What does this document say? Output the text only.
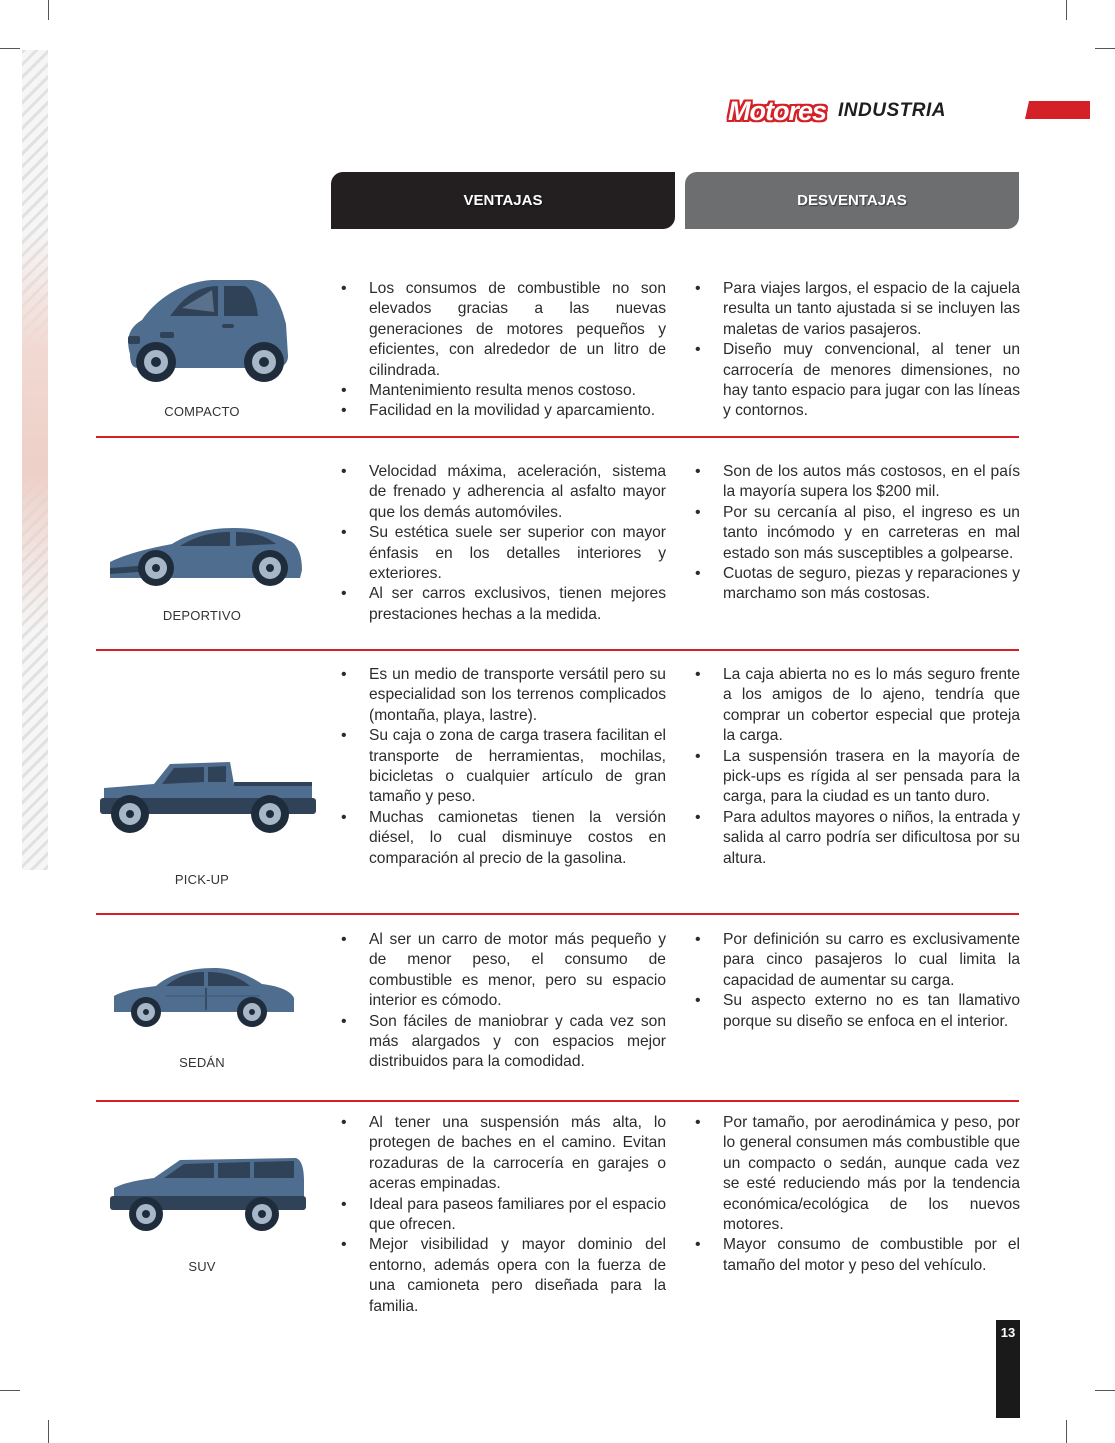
Motores INDUSTRIA
VENTAJAS	DESVENTAJAS
COMPACTO
• Los consumos de combustible no son elevados gracias a las nuevas generaciones de motores pequeños y eficientes, con alrededor de un litro de cilindrada.
• Mantenimiento resulta menos costoso.
• Facilidad en la movilidad y aparcamiento.
• Para viajes largos, el espacio de la cajuela resulta un tanto ajustada si se incluyen las maletas de varios pasajeros.
• Diseño muy convencional, al tener un carrocería de menores dimensiones, no hay tanto espacio para jugar con las líneas y contornos.
DEPORTIVO
• Velocidad máxima, aceleración, sistema de frenado y adherencia al asfalto mayor que los demás automóviles.
• Su estética suele ser superior con mayor énfasis en los detalles interiores y exteriores.
• Al ser carros exclusivos, tienen mejores prestaciones hechas a la medida.
• Son de los autos más costosos, en el país la mayoría supera los $200 mil.
• Por su cercanía al piso, el ingreso es un tanto incómodo y en carreteras en mal estado son más susceptibles a golpearse.
• Cuotas de seguro, piezas y reparaciones y marchamo son más costosas.
PICK-UP
• Es un medio de transporte versátil pero su especialidad son los terrenos complicados (montaña, playa, lastre).
• Su caja o zona de carga trasera facilitan el transporte de herramientas, mochilas, bicicletas o cualquier artículo de gran tamaño y peso.
• Muchas camionetas tienen la versión diésel, lo cual disminuye costos en comparación al precio de la gasolina.
• La caja abierta no es lo más seguro frente a los amigos de lo ajeno, tendría que comprar un cobertor especial que proteja la carga.
• La suspensión trasera en la mayoría de pick-ups es rígida al ser pensada para la carga, para la ciudad es un tanto duro.
• Para adultos mayores o niños, la entrada y salida al carro podría ser dificultosa por su altura.
SEDÁN
• Al ser un carro de motor más pequeño y de menor peso, el consumo de combustible es menor, pero su espacio interior es cómodo.
• Son fáciles de maniobrar y cada vez son más alargados y con espacios mejor distribuidos para la comodidad.
• Por definición su carro es exclusivamente para cinco pasajeros lo cual limita la capacidad de aumentar su carga.
• Su aspecto externo no es tan llamativo porque su diseño se enfoca en el interior.
SUV
• Al tener una suspensión más alta, lo protegen de baches en el camino. Evitan rozaduras de la carrocería en garajes o aceras empinadas.
• Ideal para paseos familiares por el espacio que ofrecen.
• Mejor visibilidad y mayor dominio del entorno, además opera con la fuerza de una camioneta pero diseñada para la familia.
• Por tamaño, por aerodinámica y peso, por lo general consumen más combustible que un compacto o sedán, aunque cada vez se esté reduciendo más por la tendencia económica/ecológica de los nuevos motores.
• Mayor consumo de combustible por el tamaño del motor y peso del vehículo.
13
